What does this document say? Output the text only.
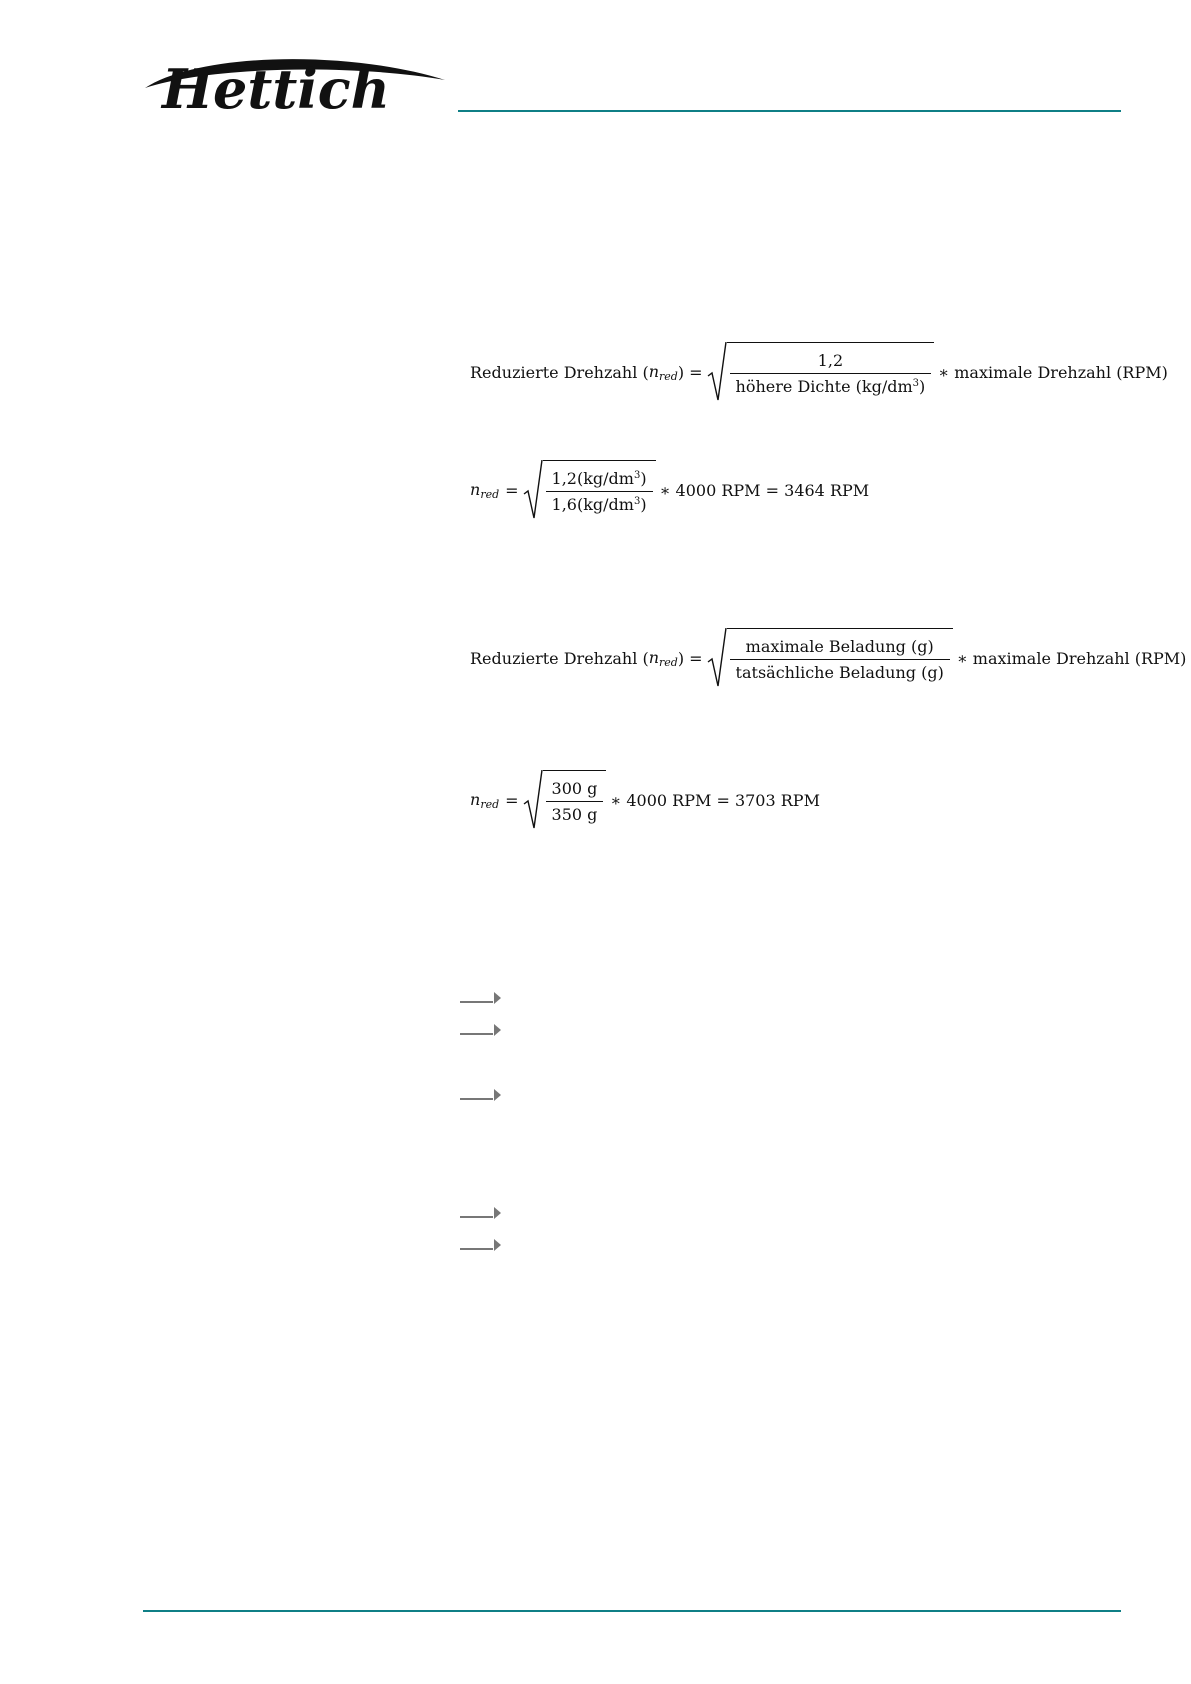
Hettich
Reduzierte Drehzahl ( $n_{red}$ ) = $\frac{1,2}{höhere Dichte (kg/dm^3)}$ ∗ maximale Drehzahl (RPM)
$n_{red} = \frac{1,2(kg/dm^3)}{1,6(kg/dm^3)}$ ∗ 4000 RPM = 3464 RPM
Reduzierte Drehzahl ( $n_{red}$ ) = $\frac{\text{maximale Beladung (g)}}{\text{tatsächliche Beladung (g)}}$ ∗ maximale Drehzahl (RPM)
$n_{red} = \frac{300 g}{350 g}$ ∗ 4000 RPM = 3703 RPM
